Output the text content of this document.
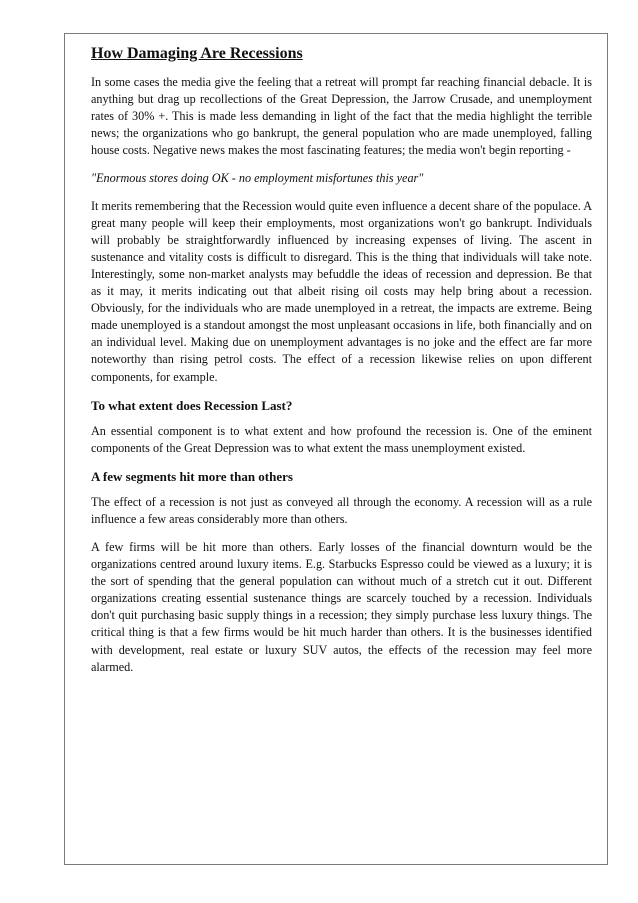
How Damaging Are Recessions

In some cases the media give the feeling that a retreat will prompt far reaching financial debacle. It is anything but drag up recollections of the Great Depression, the Jarrow Crusade, and unemployment rates of 30% +. This is made less demanding in light of the fact that the media highlight the terrible news; the organizations who go bankrupt, the general population who are made unemployed, falling house costs. Negative news makes the most fascinating features; the media won't begin reporting -

"Enormous stores doing OK - no employment misfortunes this year"

It merits remembering that the Recession would quite even influence a decent share of the populace. A great many people will keep their employments, most organizations won't go bankrupt. Individuals will probably be straightforwardly influenced by increasing expenses of living. The ascent in sustenance and vitality costs is difficult to disregard. This is the thing that individuals will take note. Interestingly, some non-market analysts may befuddle the ideas of recession and depression. Be that as it may, it merits indicating out that albeit rising oil costs may help bring about a recession. Obviously, for the individuals who are made unemployed in a retreat, the impacts are extreme. Being made unemployed is a standout amongst the most unpleasant occasions in life, both financially and on an individual level. Making due on unemployment advantages is no joke and the effect are far more noteworthy than rising petrol costs. The effect of a recession likewise relies on upon different components, for example.

To what extent does Recession Last?

An essential component is to what extent and how profound the recession is. One of the eminent components of the Great Depression was to what extent the mass unemployment existed.

A few segments hit more than others

The effect of a recession is not just as conveyed all through the economy. A recession will as a rule influence a few areas considerably more than others.

A few firms will be hit more than others. Early losses of the financial downturn would be the organizations centred around luxury items. E.g. Starbucks Espresso could be viewed as a luxury; it is the sort of spending that the general population can without much of a stretch cut it out. Different organizations creating essential sustenance things are scarcely touched by a recession. Individuals don't quit purchasing basic supply things in a recession; they simply purchase less luxury things. The critical thing is that a few firms would be hit much harder than others. It is the businesses identified with development, real estate or luxury SUV autos, the effects of the recession may feel more alarmed.
